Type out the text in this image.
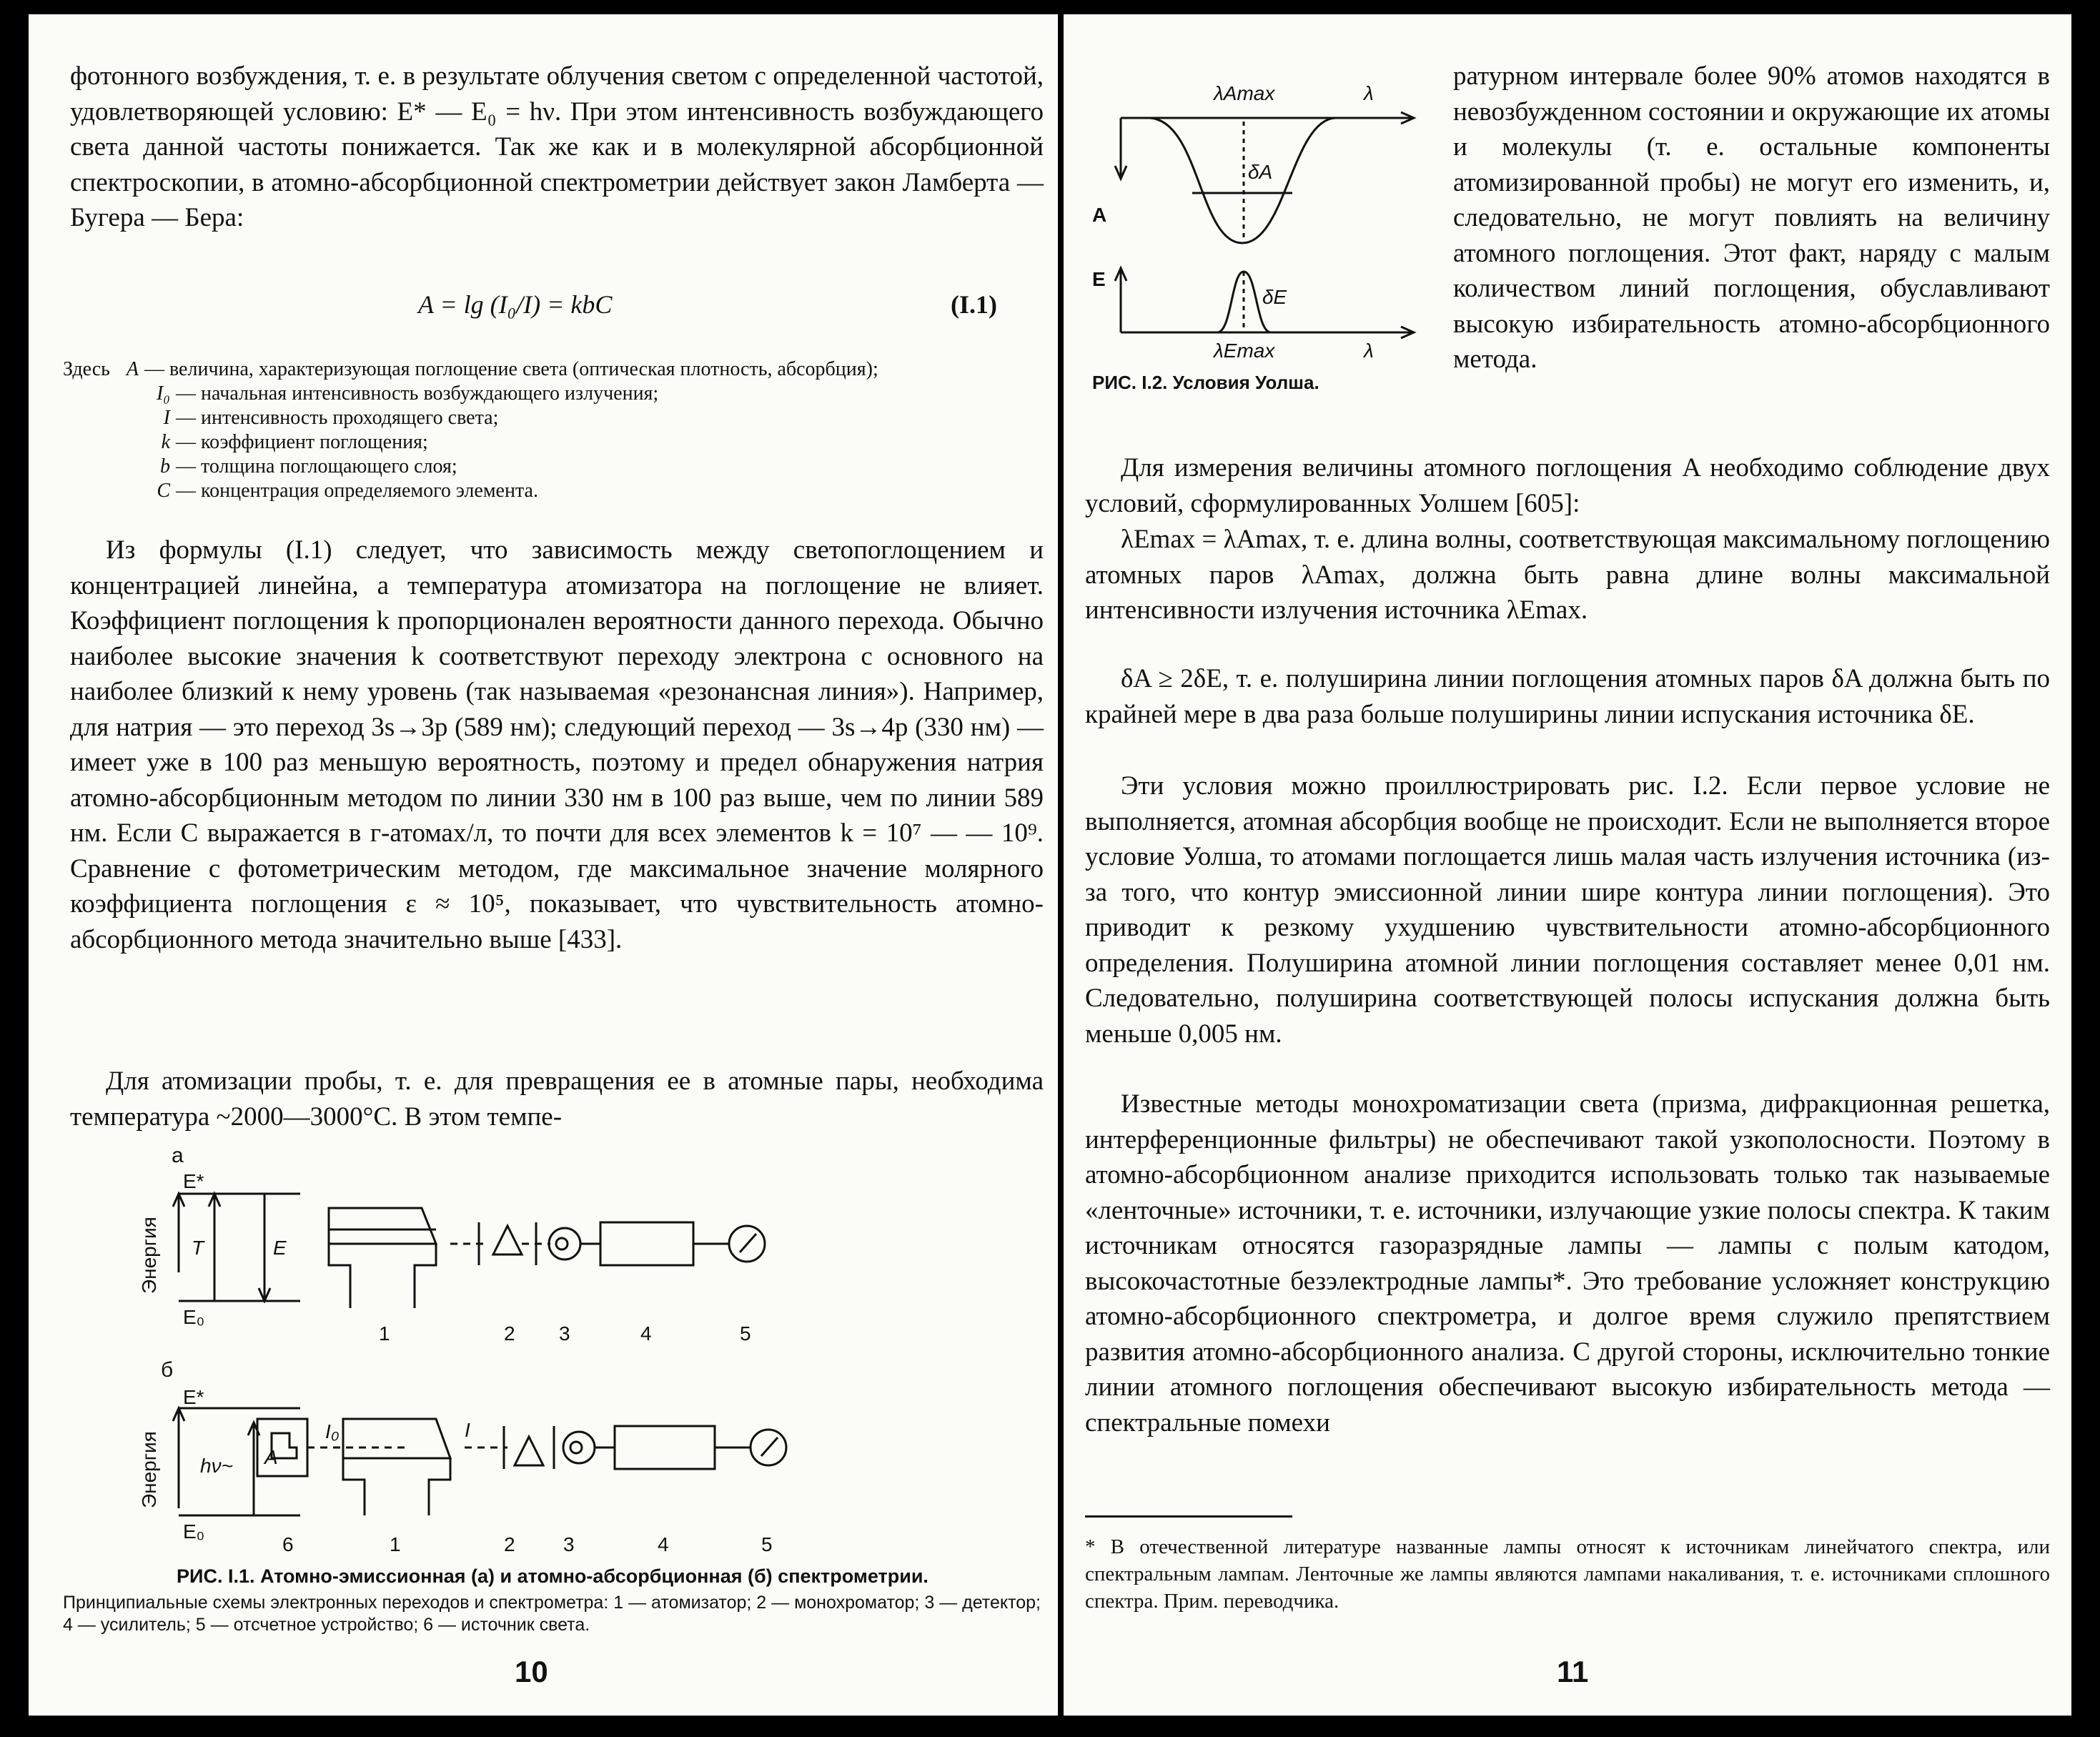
фотонного возбуждения, т. е. в результате облучения светом с определенной частотой, удовлетворяющей условию: E* — E₀ = hν. При этом интенсивность возбуждающего света данной частоты понижается. Так же как и в молекулярной абсорбционной спектроскопии, в атомно-абсорбционной спектрометрии действует закон Ламберта — Бугера — Бера:

A = lg (I₀/I) = kbC	(I.1)
Здесь A — величина, характеризующая поглощение света (оптическая плотность, абсорбция);
I₀ — начальная интенсивность возбуждающего излучения;
I — интенсивность проходящего света;
k — коэффициент поглощения;
b — толщина поглощающего слоя;
C — концентрация определяемого элемента.

Из формулы (I.1) следует, что зависимость между светопоглощением и концентрацией линейна, а температура атомизатора на поглощение не влияет. Коэффициент поглощения k пропорционален вероятности данного перехода. Обычно наиболее высокие значения k соответствуют переходу электрона с основного на наиболее близкий к нему уровень (так называемая «резонансная линия»). Например, для натрия — это переход 3s→3p (589 нм); следующий переход — 3s→4p (330 нм) — имеет уже в 100 раз меньшую вероятность, поэтому и предел обнаружения натрия атомно-абсорбционным методом по линии 330 нм в 100 раз выше, чем по линии 589 нм. Если C выражается в г-атомах/л, то почти для всех элементов k = 10⁷ — — 10⁹. Сравнение с фотометрическим методом, где максимальное значение молярного коэффициента поглощения ε ≈ 10⁵, показывает, что чувствительность атомно-абсорбционного метода значительно выше [433].

Для атомизации пробы, т. е. для превращения ее в атомные пары, необходима температура ~2000—3000°C. В этом темпе-

а
б
Энергия
E*
E₀
T	E
1	2 3	4	5
Энергия
E*
E₀
hν~ A
I₀	I
6	1	2 3	4	5
РИС. I.1. Атомно-эмиссионная (а) и атомно-абсорбционная (б) спектрометрии.
Принципиальные схемы электронных переходов и спектрометра: 1 — атомизатор; 2 — монохроматор; 3 — детектор; 4 — усилитель; 5 — отсчетное устройство; 6 — источник света.
10
λAmax	λ
δA
A
E
δE
λEmax	λ
РИС. I.2. Условия Уолша.

ратурном интервале более 90% атомов находятся в невозбужденном состоянии и окружающие их атомы и молекулы (т. е. остальные компоненты атомизированной пробы) не могут его изменить, и, следовательно, не могут повлиять на величину атомного поглощения. Этот факт, наряду с малым количеством линий поглощения, обуславливают высокую избирательность атомно-абсорбционного метода.

Для измерения величины атомного поглощения A необходимо соблюдение двух условий, сформулированных Уолшем [605]:

λEmax = λAmax, т. е. длина волны, соответствующая максимальному поглощению атомных паров λAmax, должна быть равна длине волны максимальной интенсивности излучения источника λEmax.

δA ≥ 2δE, т. е. полуширина линии поглощения атомных паров δA должна быть по крайней мере в два раза больше полуширины линии испускания источника δE.

Эти условия можно проиллюстрировать рис. I.2. Если первое условие не выполняется, атомная абсорбция вообще не происходит. Если не выполняется второе условие Уолша, то атомами поглощается лишь малая часть излучения источника (из-за того, что контур эмиссионной линии шире контура линии поглощения). Это приводит к резкому ухудшению чувствительности атомно-абсорбционного определения. Полуширина атомной линии поглощения составляет менее 0,01 нм. Следовательно, полуширина соответствующей полосы испускания должна быть меньше 0,005 нм.

Известные методы монохроматизации света (призма, дифракционная решетка, интерференционные фильтры) не обеспечивают такой узкополосности. Поэтому в атомно-абсорбционном анализе приходится использовать только так называемые «ленточные» источники, т. е. источники, излучающие узкие полосы спектра. К таким источникам относятся газоразрядные лампы — лампы с полым катодом, высокочастотные безэлектродные лампы*. Это требование усложняет конструкцию атомно-абсорбционного спектрометра, и долгое время служило препятствием развития атомно-абсорбционного анализа. С другой стороны, исключительно тонкие линии атомного поглощения обеспечивают высокую избирательность метода — спектральные помехи

* В отечественной литературе названные лампы относят к источникам линейчатого спектра, или спектральным лампам. Ленточные же лампы являются лампами накаливания, т. е. источниками сплошного спектра. Прим. переводчика.

11
